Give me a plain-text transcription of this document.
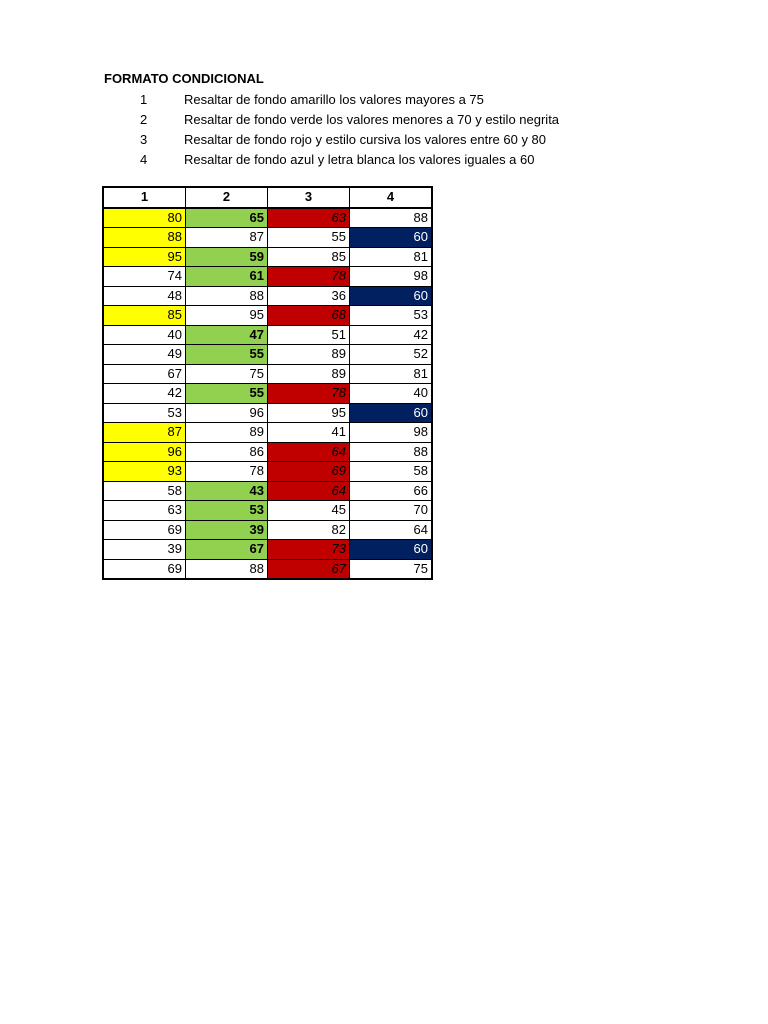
FORMATO CONDICIONAL
1	Resaltar de fondo amarillo los valores mayores a 75
2	Resaltar de fondo verde los valores menores a 70 y estilo negrita
3	Resaltar de fondo rojo y estilo cursiva los valores entre 60 y 80
4	Resaltar de fondo azul y letra blanca los valores iguales a 60
1	2	3	4
80	65	63	88
88	87	55	60
95	59	85	81
74	61	78	98
48	88	36	60
85	95	68	53
40	47	51	42
49	55	89	52
67	75	89	81
42	55	78	40
53	96	95	60
87	89	41	98
96	86	64	88
93	78	69	58
58	43	64	66
63	53	45	70
69	39	82	64
39	67	73	60
69	88	67	75
